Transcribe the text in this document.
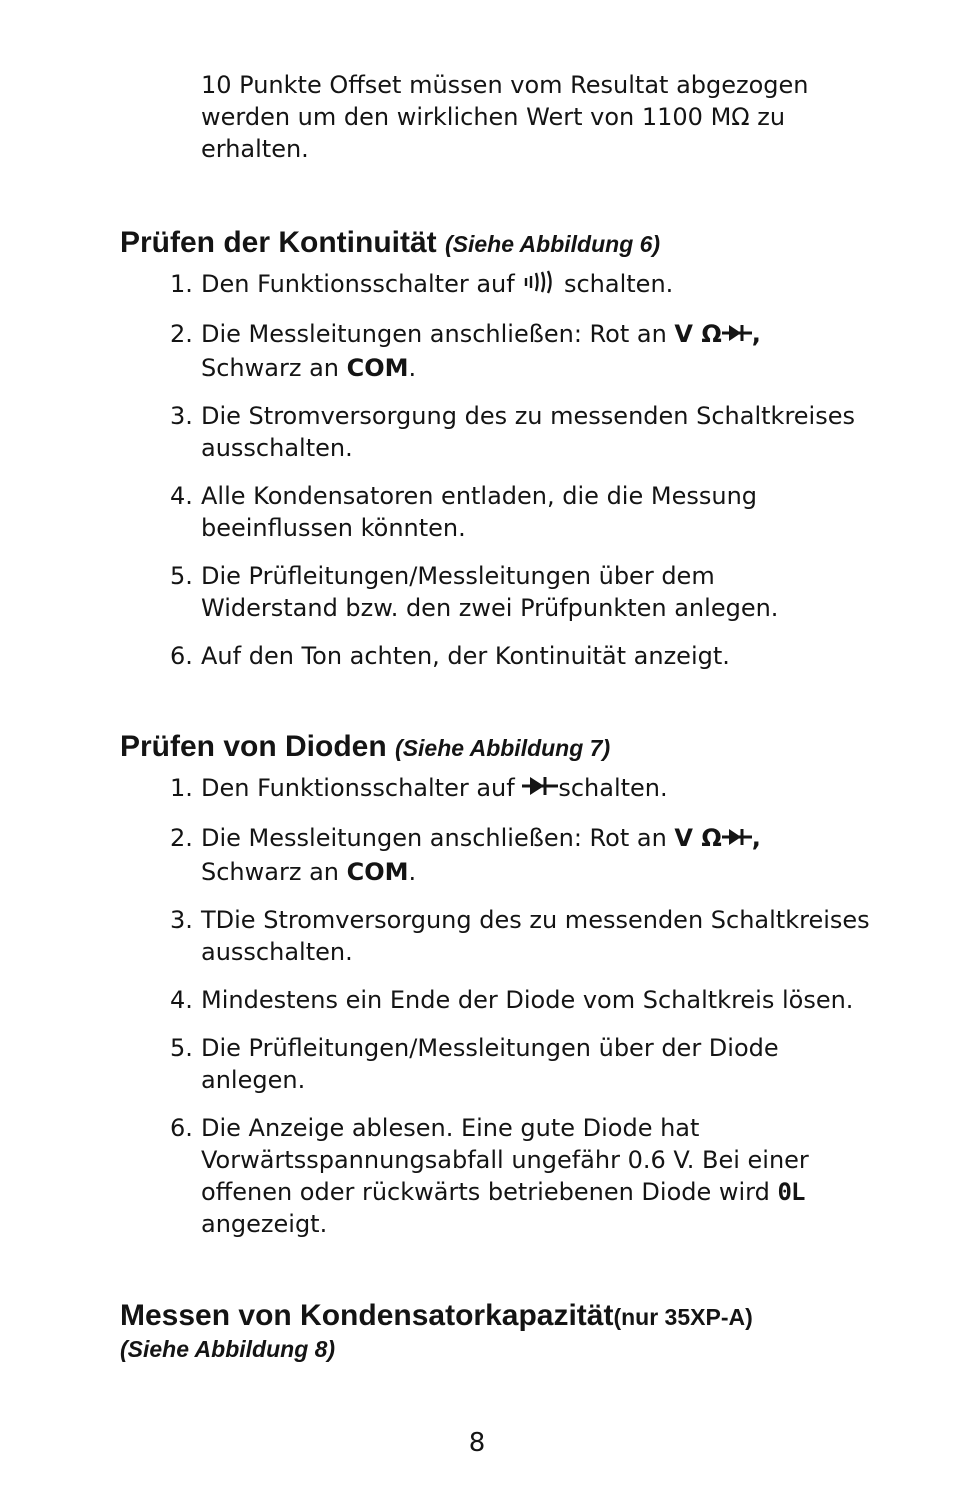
10 Punkte Offset müssen vom Resultat abgezogen
werden um den wirklichen Wert von 1100 MΩ zu
erhalten.
Prüfen der Kontinuität (Siehe Abbildung 6)
1. Den Funktionsschalter auf schalten.
2. Die Messleitungen anschließen: Rot an V Ω ,
Schwarz an COM.
3. Die Stromversorgung des zu messenden Schaltkreises
ausschalten.
4. Alle Kondensatoren entladen, die die Messung
beeinflussen könnten.
5. Die Prüfleitungen/Messleitungen über dem
Widerstand bzw. den zwei Prüfpunkten anlegen.
6. Auf den Ton achten, der Kontinuität anzeigt.
Prüfen von Dioden (Siehe Abbildung 7)
1. Den Funktionsschalter auf schalten.
2. Die Messleitungen anschließen: Rot an V Ω ,
Schwarz an COM.
3. TDie Stromversorgung des zu messenden Schaltkreises
ausschalten.
4. Mindestens ein Ende der Diode vom Schaltkreis lösen.
5. Die Prüfleitungen/Messleitungen über der Diode
anlegen.
6. Die Anzeige ablesen. Eine gute Diode hat
Vorwärtsspannungsabfall ungefähr 0.6 V. Bei einer
offenen oder rückwärts betriebenen Diode wird 0L
angezeigt.
Messen von Kondensatorkapazität(nur 35XP-A)
(Siehe Abbildung 8)
8
